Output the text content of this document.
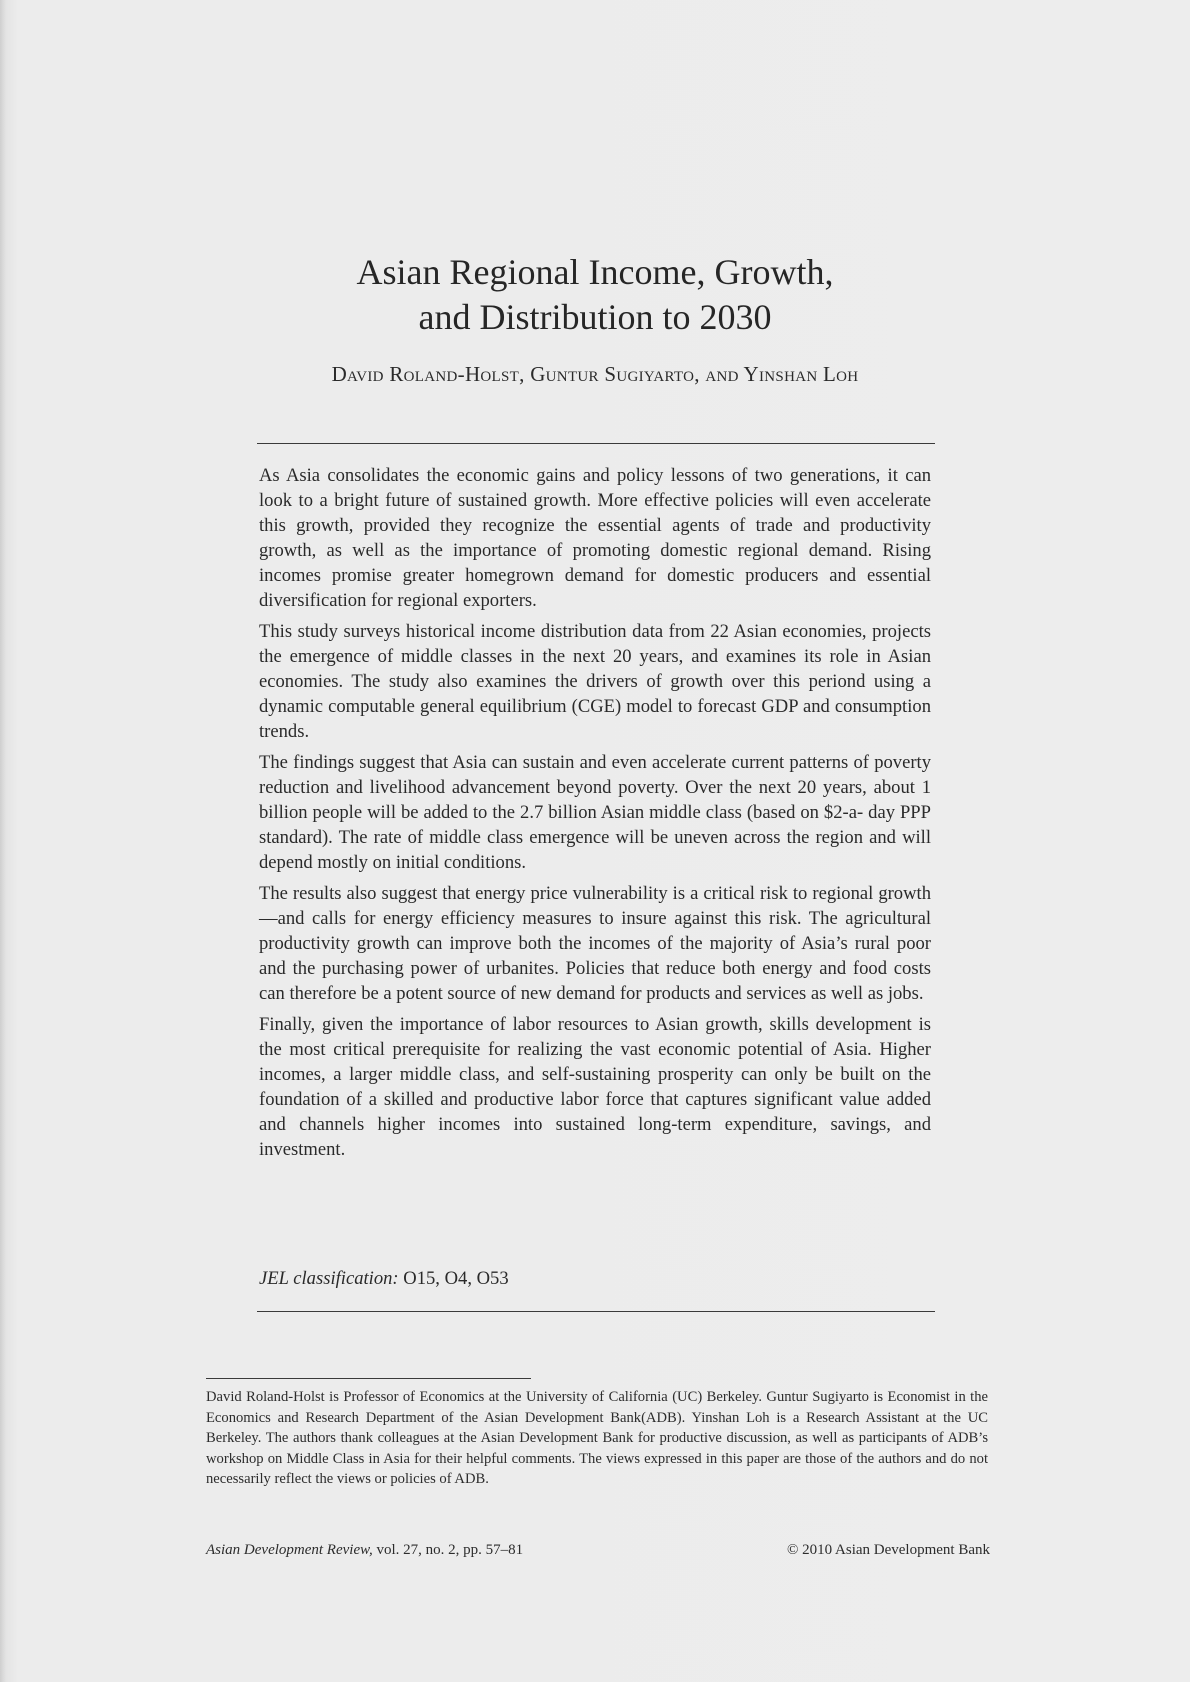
Asian Regional Income, Growth,
and Distribution to 2030

David Roland-Holst, Guntur Sugiyarto, and Yinshan Loh

As Asia consolidates the economic gains and policy lessons of two generations, it can look to a bright future of sustained growth. More effective policies will even accelerate this growth, provided they recognize the essential agents of trade and productivity growth, as well as the importance of promoting domestic regional demand. Rising incomes promise greater homegrown demand for domestic producers and essential diversification for regional exporters.

This study surveys historical income distribution data from 22 Asian economies, projects the emergence of middle classes in the next 20 years, and examines its role in Asian economies. The study also examines the drivers of growth over this periond using a dynamic computable general equilibrium (CGE) model to forecast GDP and consumption trends.

The findings suggest that Asia can sustain and even accelerate current patterns of poverty reduction and livelihood advancement beyond poverty. Over the next 20 years, about 1 billion people will be added to the 2.7 billion Asian middle class (based on $2-a- day PPP standard). The rate of middle class emergence will be uneven across the region and will depend mostly on initial conditions.

The results also suggest that energy price vulnerability is a critical risk to regional growth—and calls for energy efficiency measures to insure against this risk. The agricultural productivity growth can improve both the incomes of the majority of Asia’s rural poor and the purchasing power of urbanites. Policies that reduce both energy and food costs can therefore be a potent source of new demand for products and services as well as jobs.

Finally, given the importance of labor resources to Asian growth, skills development is the most critical prerequisite for realizing the vast economic potential of Asia. Higher incomes, a larger middle class, and self-sustaining prosperity can only be built on the foundation of a skilled and productive labor force that captures significant value added and channels higher incomes into sustained long-term expenditure, savings, and investment.

JEL classification: O15, O4, O53

David Roland-Holst is Professor of Economics at the University of California (UC) Berkeley. Guntur Sugiyarto is Economist in the Economics and Research Department of the Asian Development Bank(ADB). Yinshan Loh is a Research Assistant at the UC Berkeley. The authors thank colleagues at the Asian Development Bank for productive discussion, as well as participants of ADB’s workshop on Middle Class in Asia for their helpful comments. The views expressed in this paper are those of the authors and do not necessarily reflect the views or policies of ADB.

Asian Development Review, vol. 27, no. 2, pp. 57–81	© 2010 Asian Development Bank
